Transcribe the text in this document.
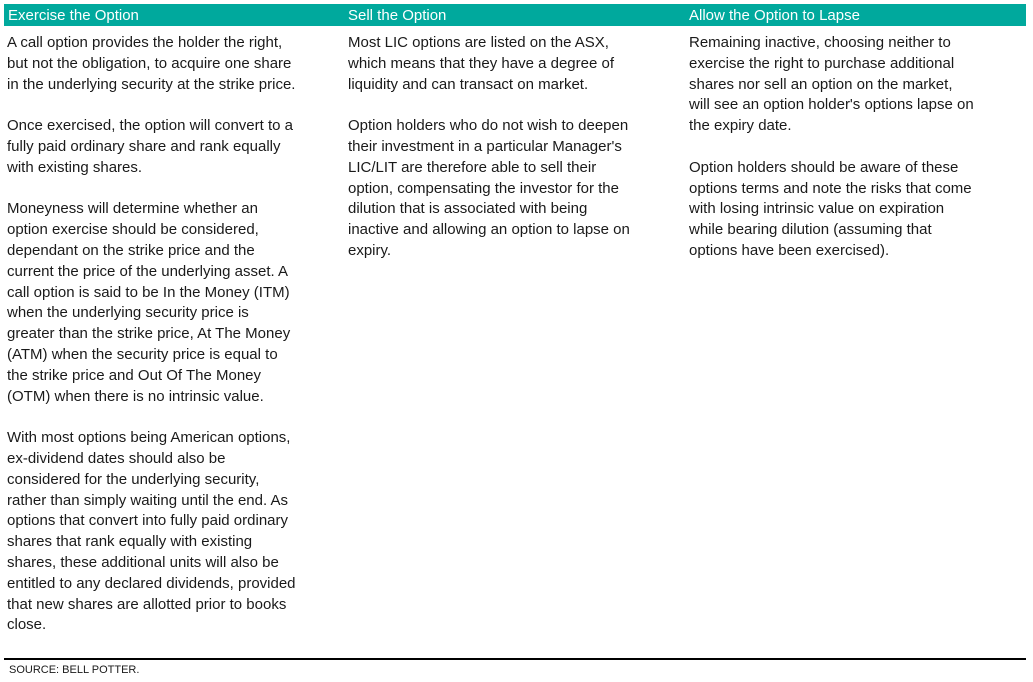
Exercise the Option	Sell the Option	Allow the Option to Lapse

A call option provides the holder the right,
but not the obligation, to acquire one share
in the underlying security at the strike price.

Once exercised, the option will convert to a
fully paid ordinary share and rank equally
with existing shares.

Moneyness will determine whether an
option exercise should be considered,
dependant on the strike price and the
current the price of the underlying asset. A
call option is said to be In the Money (ITM)
when the underlying security price is
greater than the strike price, At The Money
(ATM) when the security price is equal to
the strike price and Out Of The Money
(OTM) when there is no intrinsic value.

With most options being American options,
ex-dividend dates should also be
considered for the underlying security,
rather than simply waiting until the end. As
options that convert into fully paid ordinary
shares that rank equally with existing
shares, these additional units will also be
entitled to any declared dividends, provided
that new shares are allotted prior to books
close.

Most LIC options are listed on the ASX,
which means that they have a degree of
liquidity and can transact on market.

Option holders who do not wish to deepen
their investment in a particular Manager's
LIC/LIT are therefore able to sell their
option, compensating the investor for the
dilution that is associated with being
inactive and allowing an option to lapse on
expiry.

Remaining inactive, choosing neither to
exercise the right to purchase additional
shares nor sell an option on the market,
will see an option holder's options lapse on
the expiry date.

Option holders should be aware of these
options terms and note the risks that come
with losing intrinsic value on expiration
while bearing dilution (assuming that
options have been exercised).

SOURCE: BELL POTTER.
